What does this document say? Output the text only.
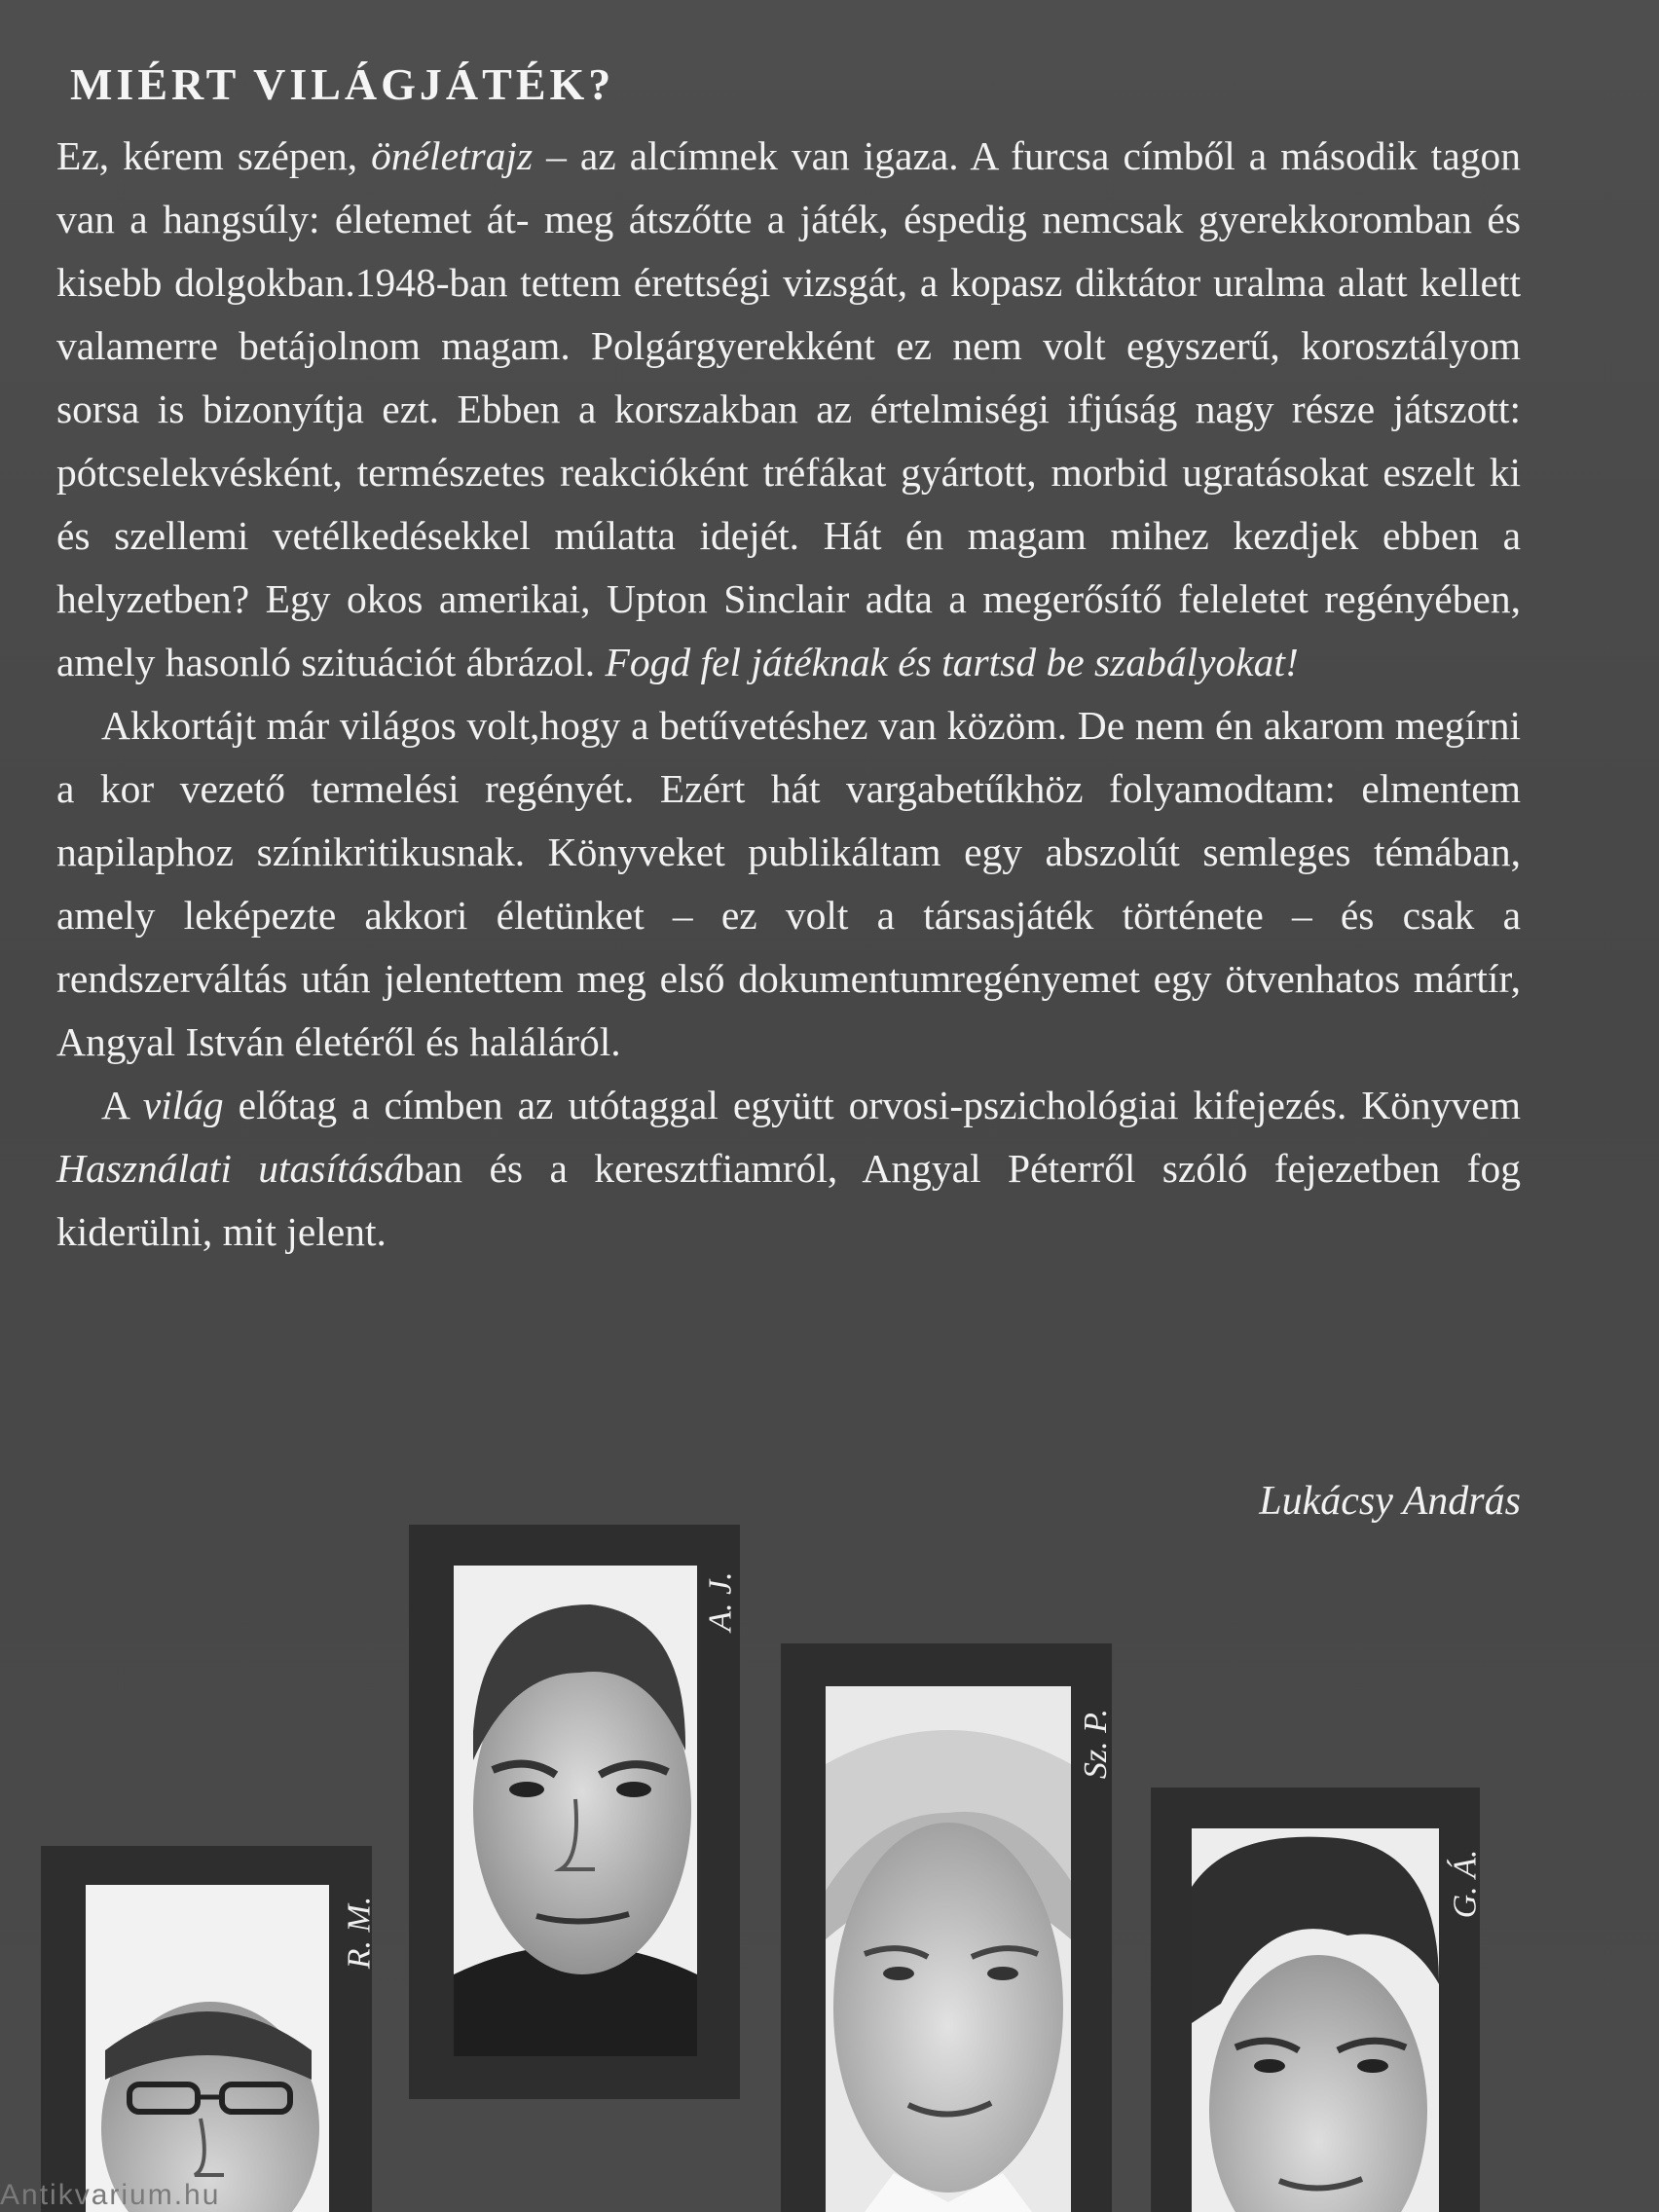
MIÉRT VILÁGJÁTÉK?

Ez, kérem szépen, önéletrajz – az alcímnek van igaza. A furcsa címből a második tagon van a hangsúly: életemet át- meg átszőtte a játék, éspedig nemcsak gyerekkoromban és kisebb dolgokban.1948-ban tettem érettségi vizsgát, a kopasz diktátor uralma alatt kellett valamerre betájolnom magam. Polgárgyerekként ez nem volt egyszerű, korosztályom sorsa is bizonyítja ezt. Ebben a korszakban az értelmiségi ifjúság nagy része játszott: pótcselekvésként, természetes reakcióként tréfákat gyártott, morbid ugratásokat eszelt ki és szellemi vetélkedésekkel múlatta idejét. Hát én magam mihez kezdjek ebben a helyzetben? Egy okos amerikai, Upton Sinclair adta a megerősítő feleletet regényében, amely hasonló szituációt ábrázol. Fogd fel játéknak és tartsd be szabályokat!

Akkortájt már világos volt,hogy a betűvetéshez van közöm. De nem én akarom megírni a kor vezető termelési regényét. Ezért hát vargabetűkhöz folyamodtam: elmentem napilaphoz színikritikusnak. Könyveket publikáltam egy abszolút semleges témában, amely leképezte akkori életünket – ez volt a társasjáték története – és csak a rendszerváltás után jelentettem meg első dokumentumregényemet egy ötvenhatos mártír, Angyal István életéről és haláláról.

A világ előtag a címben az utótaggal együtt orvosi-pszichológiai kifejezés. Könyvem Használati utasításában és a keresztfiamról, Angyal Péterről szóló fejezetben fog kiderülni, mit jelent.

Lukácsy András
R. M.
A. J.
Sz. P.
G. Á.
Antikvarium.hu
